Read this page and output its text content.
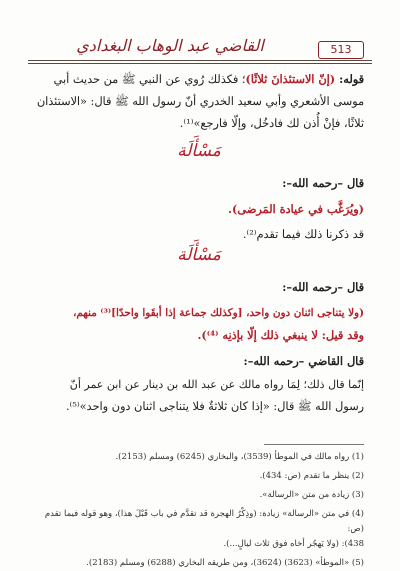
513
القاضي عبد الوهاب البغدادي
قوله: (إنّ الاستئذانَ ثلاثًا)؛ فكذلك رُوي عن النبي ﷺ من حديث أبي
موسى الأشعري وأبي سعيد الخدري أنّ رسول الله ﷺ قال: «الاستئذان
ثلاثًا، فإنْ أُذن لك فادخُل، وإلّا فارجع»⁽¹⁾.
مَسْأَلَة
قال –رحمه الله–:
(ويُرَغَّب في عيادة المَرضى).
قد ذكرنا ذلك فيما تقدم⁽²⁾.
مَسْأَلَة
قال –رحمه الله–:
(ولا يتناجى اثنان دون واحد، [وكذلك جماعة إذا أبقَوا واحدًا]⁽³⁾ منهم،
وقد قيل: لا ينبغي ذلك إلّا بإذنِه ⁽⁴⁾).
قال القاضي –رحمه الله–:
إنّما قال ذلك؛ لِمَا رواه مالك عن عبد الله بن دينار عن ابن عمر أنّ
رسول الله ﷺ قال: «إذا كان ثلاثةٌ فلا يتناجى اثنان دون واحد»⁽⁵⁾.
(1) رواه مالك في الموطأ (3539)، والبخاري (6245) ومسلم (2153).
(2) ينظر ما تقدم (ص: 434).
(3) زيادة من متن «الرسالة».
(4) في متن «الرسالة» زيادة: (وذِكْرُ الهجرة قد تقدَّم في باب قَبْلَ هذا)، وهو قوله فيما تقدم (ص:
438): (ولا يَهجُر أخاه فوق ثلاث ليالٍ...).
(5) «الموطأ» (3623) (3624)، ومن طريقه البخاري (6288) ومسلم (2183).
